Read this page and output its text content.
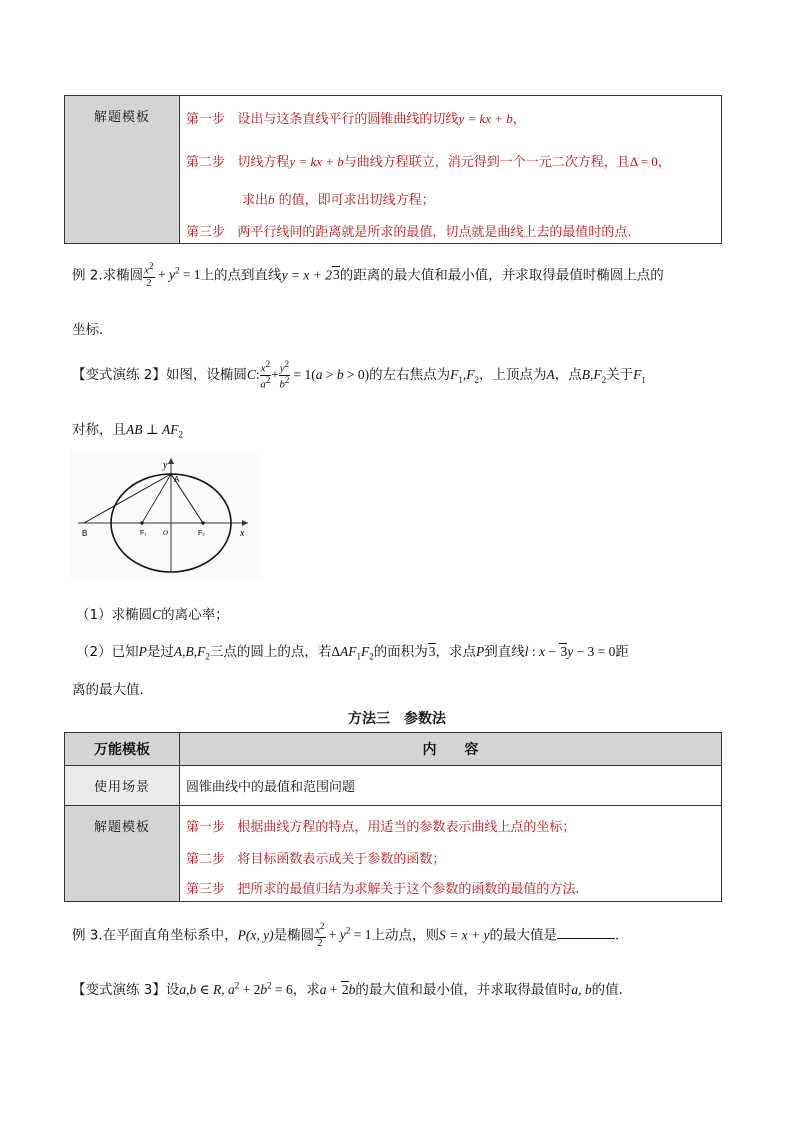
解题模板	第一步 设出与这条直线平行的圆锥曲线的切线y = kx + b，
第二步 切线方程y = kx + b与曲线方程联立，消元得到一个一元二次方程，且Δ = 0，
求出b 的值，即可求出切线方程；
第三步 两平行线间的距离就是所求的最值，切点就是曲线上去的最值时的点.
例 2.求椭圆 $\frac{x^2}{2} + y^2 = 1$上的点到直线y = x + 23的距离的最大值和最小值，并求取得最值时椭圆上点的
坐标.
【变式演练 2】如图，设椭圆C: $\frac{x^2}{a^2} + \frac{y^2}{b^2} = 1(a > b > 0)$的左右焦点为$F_1,F_2$，上顶点为A，点$B,F_2$关于$F_1$
对称，且AB ⊥ $AF_2$
y
A
x
B	F₁ O	F₂
（1）求椭圆C的离心率；
（2）已知P是过$A,B,F_2$三点的圆上的点，若$\Delta AF_1F_2$的面积为3，求点P到直线l : x − 3y − 3 = 0距
离的最大值.
方法三　参数法
万能模板	内　　容
使用场景	圆锥曲线中的最值和范围问题
解题模板	第一步 根据曲线方程的特点，用适当的参数表示曲线上点的坐标；
第二步 将目标函数表示成关于参数的函数；
第三步 把所求的最值归结为求解关于这个参数的函数的最值的方法.
例 3.在平面直角坐标系中，P(x, y)是椭圆 $\frac{x^2}{2} + y^2 = 1$上动点，则S = x + y的最大值是	.
【变式演练 3】设a,b ∈ R, $a^2 + 2b^2 = 6$，求a + 2b的最大值和最小值，并求取得最值时a, b的值.
